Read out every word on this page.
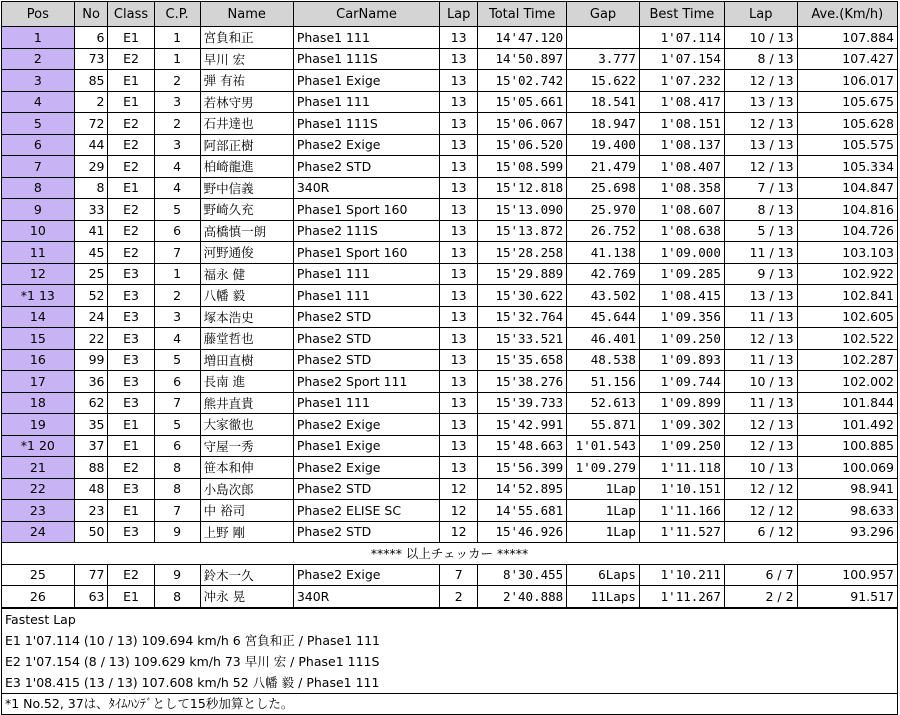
Pos	No	Class	C.P.	Name	CarName	Lap	Total Time	Gap	Best Time	Lap	Ave.(Km/h)
1	6	E1	1	宮負和正	Phase1 111	13	14'47.120		1'07.114	10 / 13	107.884
2	73	E2	1	早川 宏	Phase1 111S	13	14'50.897	3.777	1'07.154	8 / 13	107.427
3	85	E1	2	弾 有祐	Phase1 Exige	13	15'02.742	15.622	1'07.232	12 / 13	106.017
4	2	E1	3	若林守男	Phase1 111	13	15'05.661	18.541	1'08.417	13 / 13	105.675
5	72	E2	2	石井達也	Phase1 111S	13	15'06.067	18.947	1'08.151	12 / 13	105.628
6	44	E2	3	阿部正樹	Phase2 Exige	13	15'06.520	19.400	1'08.137	13 / 13	105.575
7	29	E2	4	柏崎龍進	Phase2 STD	13	15'08.599	21.479	1'08.407	12 / 13	105.334
8	8	E1	4	野中信義	340R	13	15'12.818	25.698	1'08.358	7 / 13	104.847
9	33	E2	5	野崎久充	Phase1 Sport 160	13	15'13.090	25.970	1'08.607	8 / 13	104.816
10	41	E2	6	高橋慎一朗	Phase2 111S	13	15'13.872	26.752	1'08.638	5 / 13	104.726
11	45	E2	7	河野通俊	Phase1 Sport 160	13	15'28.258	41.138	1'09.000	11 / 13	103.103
12	25	E3	1	福永 健	Phase1 111	13	15'29.889	42.769	1'09.285	9 / 13	102.922
*1 13	52	E3	2	八幡 毅	Phase1 111	13	15'30.622	43.502	1'08.415	13 / 13	102.841
14	24	E3	3	塚本浩史	Phase2 STD	13	15'32.764	45.644	1'09.356	11 / 13	102.605
15	22	E3	4	藤堂哲也	Phase2 STD	13	15'33.521	46.401	1'09.250	12 / 13	102.522
16	99	E3	5	増田直樹	Phase2 STD	13	15'35.658	48.538	1'09.893	11 / 13	102.287
17	36	E3	6	長南 進	Phase2 Sport 111	13	15'38.276	51.156	1'09.744	10 / 13	102.002
18	62	E3	7	熊井直貴	Phase1 111	13	15'39.733	52.613	1'09.899	11 / 13	101.844
19	35	E1	5	大家徹也	Phase2 Exige	13	15'42.991	55.871	1'09.302	12 / 13	101.492
*1 20	37	E1	6	守屋一秀	Phase1 Exige	13	15'48.663	1'01.543	1'09.250	12 / 13	100.885
21	88	E2	8	笹本和伸	Phase2 Exige	13	15'56.399	1'09.279	1'11.118	10 / 13	100.069
22	48	E3	8	小島次郎	Phase2 STD	12	14'52.895	1Lap	1'10.151	12 / 12	98.941
23	23	E1	7	中 裕司	Phase2 ELISE SC	12	14'55.681	1Lap	1'11.166	12 / 12	98.633
24	50	E3	9	上野 剛	Phase2 STD	12	15'46.926	1Lap	1'11.527	6 / 12	93.296
***** 以上チェッカー *****											
25	77	E2	9	鈴木一久	Phase2 Exige	7	8'30.455	6Laps	1'10.211	6 / 7	100.957
26	63	E1	8	冲永 晃	340R	2	2'40.888	11Laps	1'11.267	2 / 2	91.517
Fastest Lap
E1 1'07.114 (10 / 13) 109.694 km/h 6 宮負和正 / Phase1 111
E2 1'07.154 (8 / 13) 109.629 km/h 73 早川 宏 / Phase1 111S
E3 1'08.415 (13 / 13) 107.608 km/h 52 八幡 毅 / Phase1 111
*1 No.52, 37は、ﾀｲﾑﾊﾝﾃﾞとして15秒加算とした。
